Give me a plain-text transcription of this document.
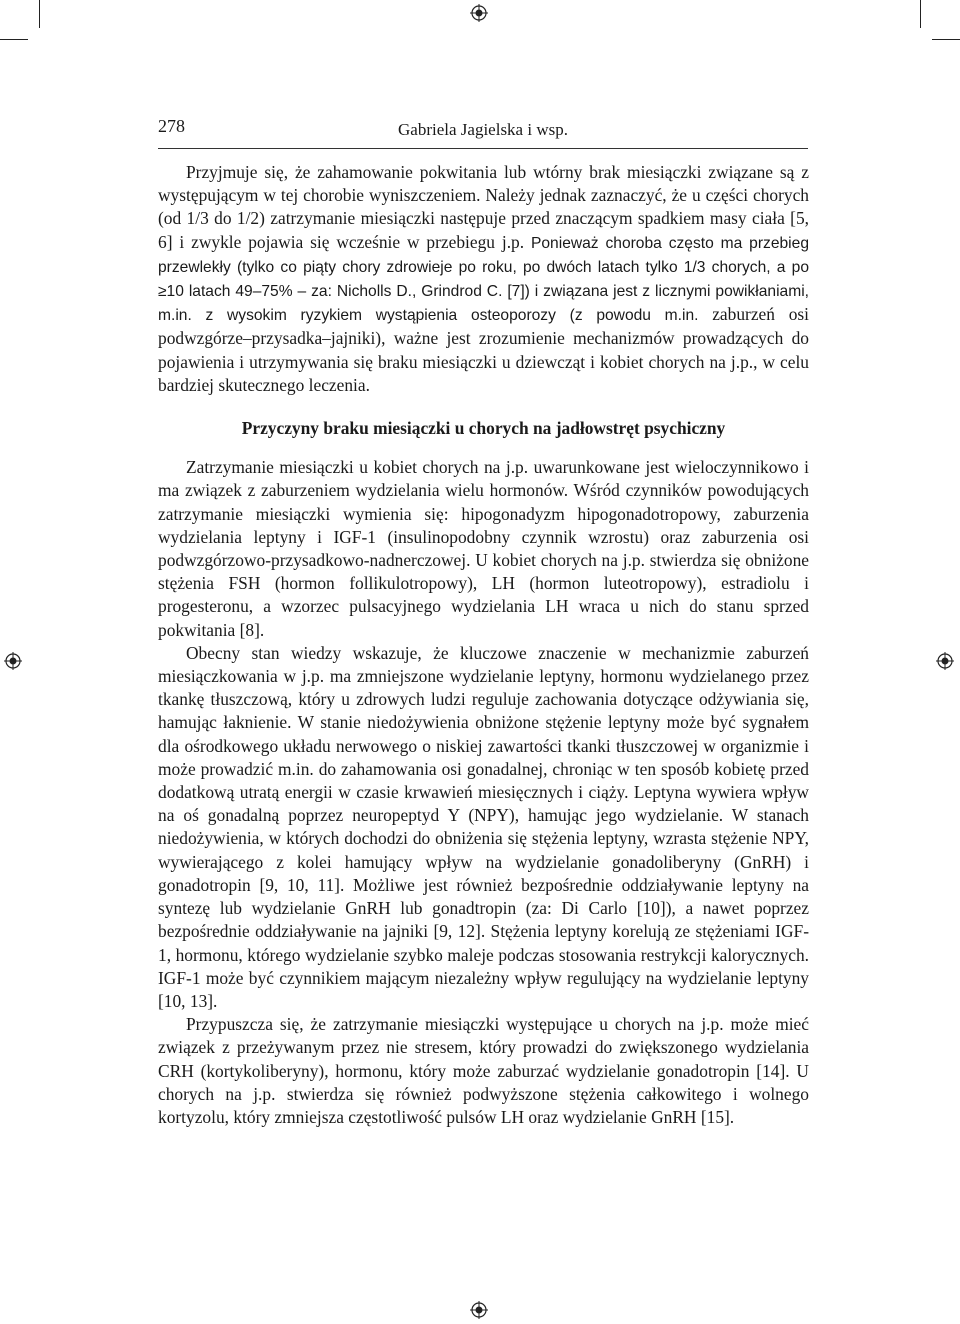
278	Gabriela Jagielska i wsp.

Przyjmuje się, że zahamowanie pokwitania lub wtórny brak miesiączki związane są z występującym w tej chorobie wyniszczeniem. Należy jednak zaznaczyć, że u części chorych (od 1/3 do 1/2) zatrzymanie miesiączki następuje przed znaczącym spadkiem masy ciała [5, 6] i zwykle pojawia się wcześnie w przebiegu j.p. Ponieważ choroba często ma przebieg przewlekły (tylko co piąty chory zdrowieje po roku, po dwóch latach tylko 1/3 chorych, a po ≥10 latach 49–75% – za: Nicholls D., Grindrod C. [7]) i związana jest z licznymi powikłaniami, m.in. z wysokim ryzykiem wystąpienia osteoporozy (z powodu m.in. zaburzeń osi podwzgórze–przysadka–jajniki), ważne jest zrozumienie mechanizmów prowadzących do pojawienia i utrzymywania się braku miesiączki u dziewcząt i kobiet chorych na j.p., w celu bardziej skutecznego leczenia.

Przyczyny braku miesiączki u chorych na jadłowstręt psychiczny

Zatrzymanie miesiączki u kobiet chorych na j.p. uwarunkowane jest wieloczynnikowo i ma związek z zaburzeniem wydzielania wielu hormonów. Wśród czynników powodujących zatrzymanie miesiączki wymienia się: hipogonadyzm hipogonadotropowy, zaburzenia wydzielania leptyny i IGF-1 (insulinopodobny czynnik wzrostu) oraz zaburzenia osi podwzgórzowo-przysadkowo-nadnerczowej. U kobiet chorych na j.p. stwierdza się obniżone stężenia FSH (hormon follikulotropowy), LH (hormon luteotropowy), estradiolu i progesteronu, a wzorzec pulsacyjnego wydzielania LH wraca u nich do stanu sprzed pokwitania [8].

Obecny stan wiedzy wskazuje, że kluczowe znaczenie w mechanizmie zaburzeń miesiączkowania w j.p. ma zmniejszone wydzielanie leptyny, hormonu wydzielanego przez tkankę tłuszczową, który u zdrowych ludzi reguluje zachowania dotyczące odżywiania się, hamując łaknienie. W stanie niedożywienia obniżone stężenie leptyny może być sygnałem dla ośrodkowego układu nerwowego o niskiej zawartości tkanki tłuszczowej w organizmie i może prowadzić m.in. do zahamowania osi gonadalnej, chroniąc w ten sposób kobietę przed dodatkową utratą energii w czasie krwawień miesięcznych i ciąży. Leptyna wywiera wpływ na oś gonadalną poprzez neuropeptyd Y (NPY), hamując jego wydzielanie. W stanach niedożywienia, w których dochodzi do obniżenia się stężenia leptyny, wzrasta stężenie NPY, wywierającego z kolei hamujący wpływ na wydzielanie gonadoliberyny (GnRH) i gonadotropin [9, 10, 11]. Możliwe jest również bezpośrednie oddziaływanie leptyny na syntezę lub wydzielanie GnRH lub gonadtropin (za: Di Carlo [10]), a nawet poprzez bezpośrednie oddziaływanie na jajniki [9, 12]. Stężenia leptyny korelują ze stężeniami IGF-1, hormonu, którego wydzielanie szybko maleje podczas stosowania restrykcji kalorycznych. IGF-1 może być czynnikiem mającym niezależny wpływ regulujący na wydzielanie leptyny [10, 13].

Przypuszcza się, że zatrzymanie miesiączki występujące u chorych na j.p. może mieć związek z przeżywanym przez nie stresem, który prowadzi do zwiększonego wydzielania CRH (kortykoliberyny), hormonu, który może zaburzać wydzielanie gonadotropin [14]. U chorych na j.p. stwierdza się również podwyższone stężenia całkowitego i wolnego kortyzolu, który zmniejsza częstotliwość pulsów LH oraz wydzielanie GnRH [15].
